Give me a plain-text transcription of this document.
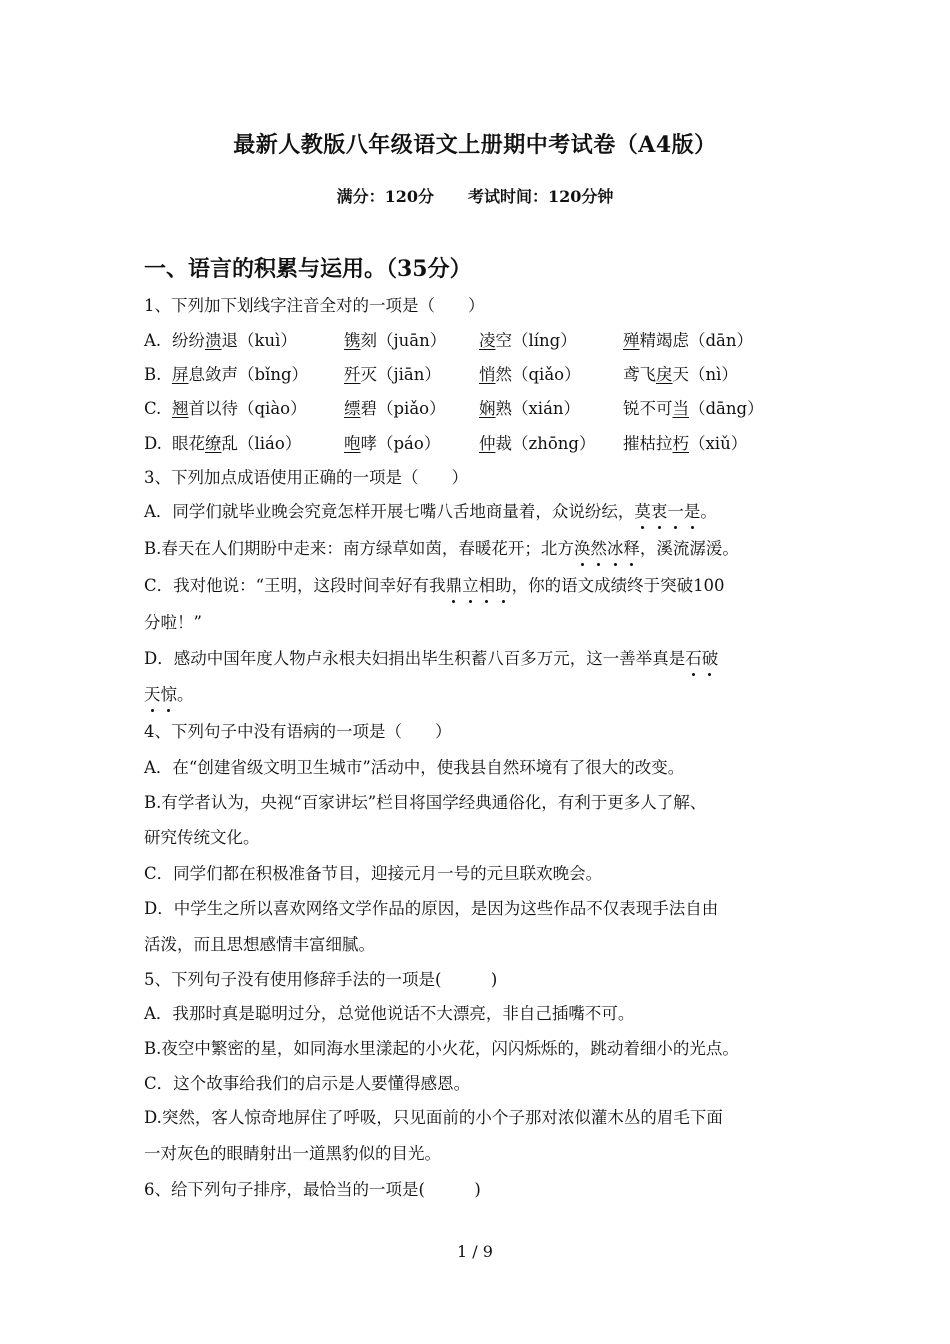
最新人教版八年级语文上册期中考试卷（A4版）
满分：120分 考试时间：120分钟
一、语言的积累与运用。（35分）
1、下列加下划线字注音全对的一项是（　　）
A. 纷纷溃退（kuì）	镌刻（juān） 凌空（líng）	殚精竭虑（dān）
B. 屏息敛声（bǐng） 歼灭（jiān） 悄然（qiǎo）	鸢飞戾天（nì）
C. 翘首以待（qiào） 缥碧（piǎo） 娴熟（xián）	锐不可当（dāng）
D. 眼花缭乱（liáo）	咆哮（páo） 仲裁（zhōng） 摧枯拉朽（xiǔ）
3、下列加点成语使用正确的一项是（　　）
A．同学们就毕业晚会究竟怎样开展七嘴八舌地商量着，众说纷纭，莫衷一是。
B.春天在人们期盼中走来：南方绿草如茵，春暖花开；北方涣然冰释，溪流潺湲。
C．我对他说：“王明，这段时间幸好有我鼎立相助，你的语文成绩终于突破100
分啦！”
D．感动中国年度人物卢永根夫妇捐出毕生积蓄八百多万元，这一善举真是石破
天惊。
4、下列句子中没有语病的一项是（　　）
A．在“创建省级文明卫生城市”活动中，使我县自然环境有了很大的改变。
B.有学者认为，央视“百家讲坛”栏目将国学经典通俗化，有利于更多人了解、
研究传统文化。
C．同学们都在积极准备节目，迎接元月一号的元旦联欢晚会。
D．中学生之所以喜欢网络文学作品的原因，是因为这些作品不仅表现手法自由
活泼，而且思想感情丰富细腻。
5、下列句子没有使用修辞手法的一项是(　　　)
A．我那时真是聪明过分，总觉他说话不大漂亮，非自己插嘴不可。
B.夜空中繁密的星，如同海水里漾起的小火花，闪闪烁烁的，跳动着细小的光点。
C．这个故事给我们的启示是人要懂得感恩。
D.突然，客人惊奇地屏住了呼吸，只见面前的小个子那对浓似灌木丛的眉毛下面
一对灰色的眼睛射出一道黑豹似的目光。
6、给下列句子排序，最恰当的一项是(　　　)
1 / 9
